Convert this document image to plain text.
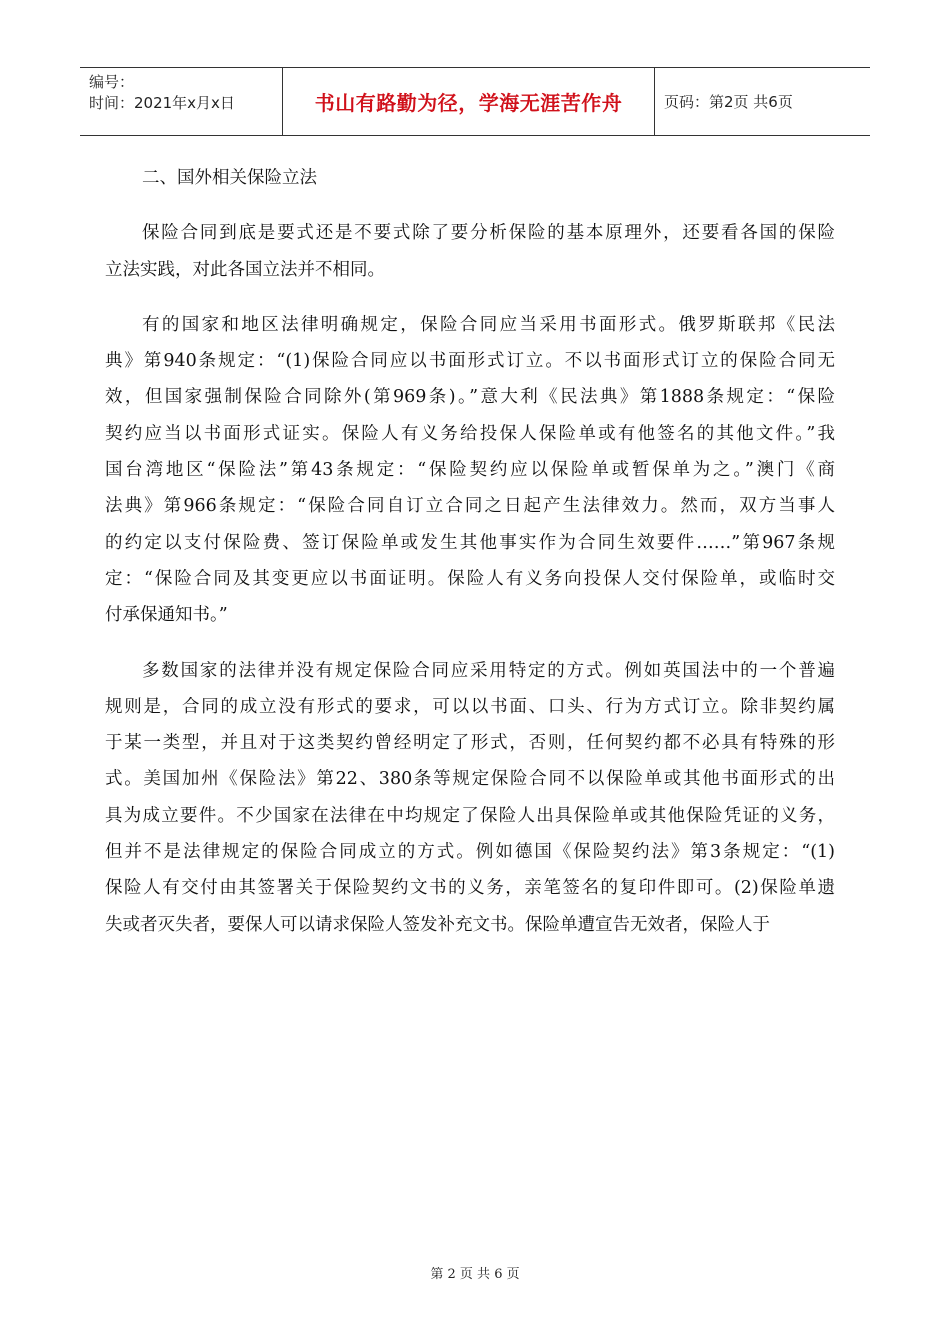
编号：
时间：2021年x月x日	书山有路勤为径，学海无涯苦作舟	页码：第2页 共6页
二、国外相关保险立法
保险合同到底是要式还是不要式除了要分析保险的基本原理外，还要看各国的保险
立法实践，对此各国立法并不相同。
有的国家和地区法律明确规定，保险合同应当采用书面形式。俄罗斯联邦《民法
典》第940条规定：“(1)保险合同应以书面形式订立。不以书面形式订立的保险合同无
效，但国家强制保险合同除外(第969条)。”意大利《民法典》第1888条规定：“保险
契约应当以书面形式证实。保险人有义务给投保人保险单或有他签名的其他文件。”我
国台湾地区“保险法”第43条规定：“保险契约应以保险单或暂保单为之。”澳门《商
法典》第966条规定：“保险合同自订立合同之日起产生法律效力。然而，双方当事人
的约定以支付保险费、签订保险单或发生其他事实作为合同生效要件……”第967条规
定：“保险合同及其变更应以书面证明。保险人有义务向投保人交付保险单，或临时交
付承保通知书。”
多数国家的法律并没有规定保险合同应采用特定的方式。例如英国法中的一个普遍
规则是，合同的成立没有形式的要求，可以以书面、口头、行为方式订立。除非契约属
于某一类型，并且对于这类契约曾经明定了形式，否则，任何契约都不必具有特殊的形
式。美国加州《保险法》第22、380条等规定保险合同不以保险单或其他书面形式的出
具为成立要件。不少国家在法律在中均规定了保险人出具保险单或其他保险凭证的义务，
但并不是法律规定的保险合同成立的方式。例如德国《保险契约法》第3条规定：“(1)
保险人有交付由其签署关于保险契约文书的义务，亲笔签名的复印件即可。(2)保险单遗
失或者灭失者，要保人可以请求保险人签发补充文书。保险单遭宣告无效者，保险人于
第 2 页 共 6 页
